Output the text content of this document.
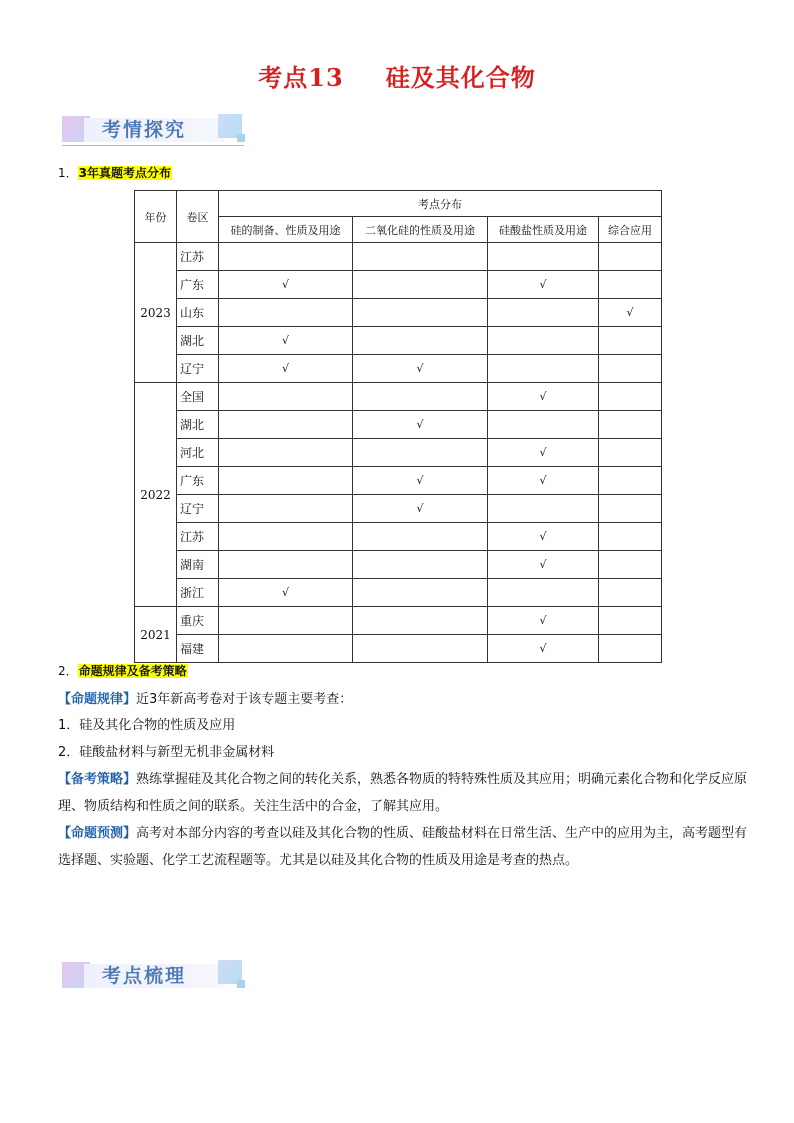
考点13 硅及其化合物
考情探究
1．3年真题考点分布
年份	卷区	考点分布			
		硅的制备、性质及用途	二氧化硅的性质及用途	硅酸盐性质及用途	综合应用
2023	江苏				
	广东	√		√	
	山东				√
	湖北	√			
	辽宁	√	√		
2022	全国			√	
	湖北		√		
	河北			√	
	广东		√	√	
	辽宁		√		
	江苏			√	
	湖南			√	
	浙江	√			
2021	重庆			√	
	福建			√	
2．命题规律及备考策略
【命题规律】近3年新高考卷对于该专题主要考查：
1．硅及其化合物的性质及应用
2．硅酸盐材料与新型无机非金属材料
【备考策略】熟练掌握硅及其化合物之间的转化关系，熟悉各物质的特特殊性质及其应用；明确元素化合物和化学反应原理、物质结构和性质之间的联系。关注生活中的合金，了解其应用。
【命题预测】高考对本部分内容的考查以硅及其化合物的性质、硅酸盐材料在日常生活、生产中的应用为主，高考题型有选择题、实验题、化学工艺流程题等。尤其是以硅及其化合物的性质及用途是考查的热点。
考点梳理
